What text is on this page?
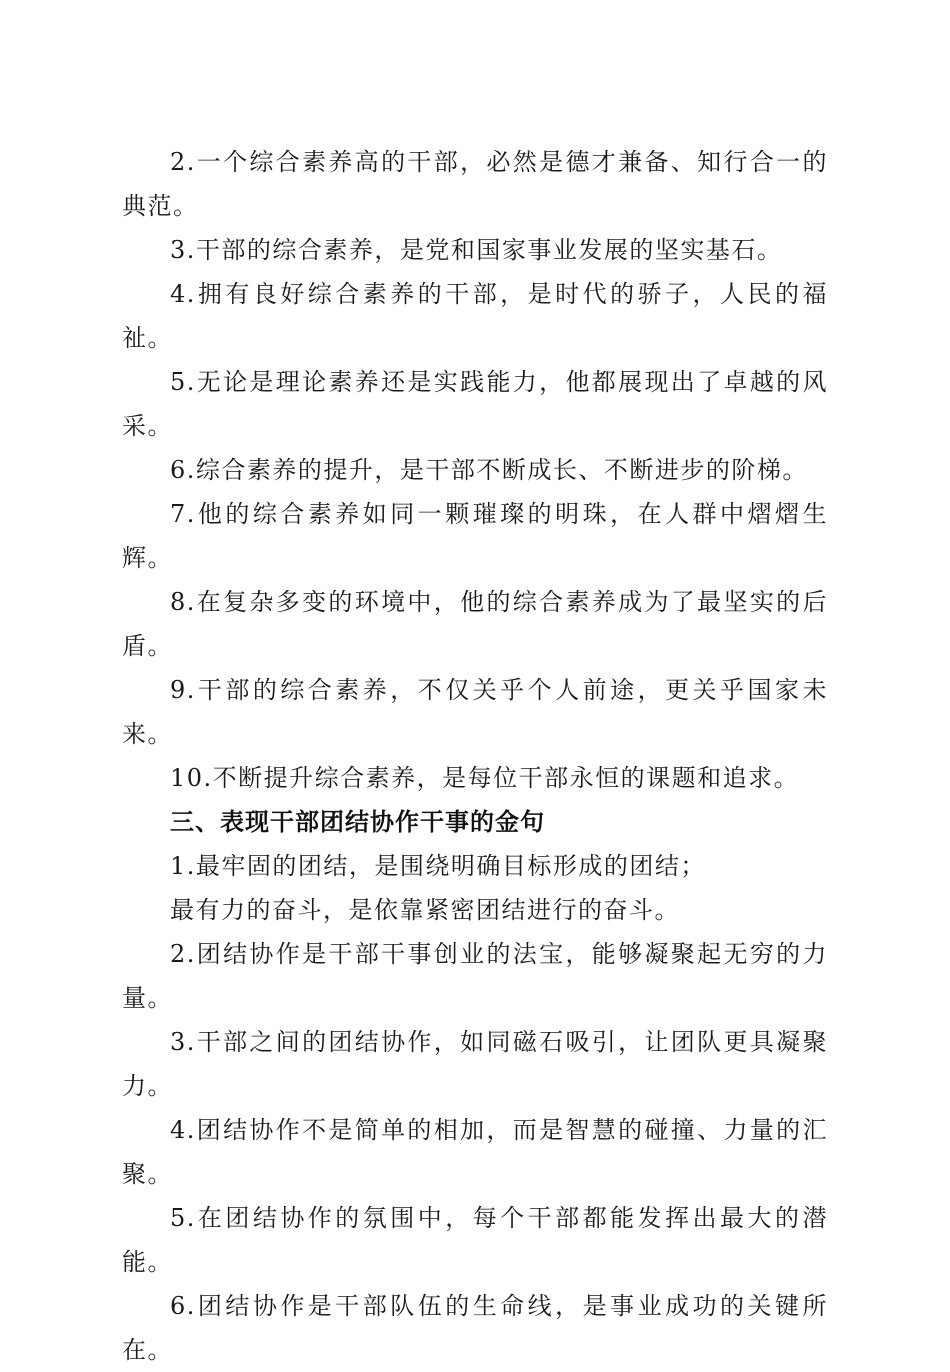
2.一个综合素养高的干部，必然是德才兼备、知行合一的典范。

3.干部的综合素养，是党和国家事业发展的坚实基石。

4.拥有良好综合素养的干部，是时代的骄子，人民的福祉。

5.无论是理论素养还是实践能力，他都展现出了卓越的风采。

6.综合素养的提升，是干部不断成长、不断进步的阶梯。

7.他的综合素养如同一颗璀璨的明珠，在人群中熠熠生辉。

8.在复杂多变的环境中，他的综合素养成为了最坚实的后盾。

9.干部的综合素养，不仅关乎个人前途，更关乎国家未来。

10.不断提升综合素养，是每位干部永恒的课题和追求。

三、表现干部团结协作干事的金句

1.最牢固的团结，是围绕明确目标形成的团结；

最有力的奋斗，是依靠紧密团结进行的奋斗。

2.团结协作是干部干事创业的法宝，能够凝聚起无穷的力量。

3.干部之间的团结协作，如同磁石吸引，让团队更具凝聚力。

4.团结协作不是简单的相加，而是智慧的碰撞、力量的汇聚。

5.在团结协作的氛围中，每个干部都能发挥出最大的潜能。

6.团结协作是干部队伍的生命线，是事业成功的关键所在。
